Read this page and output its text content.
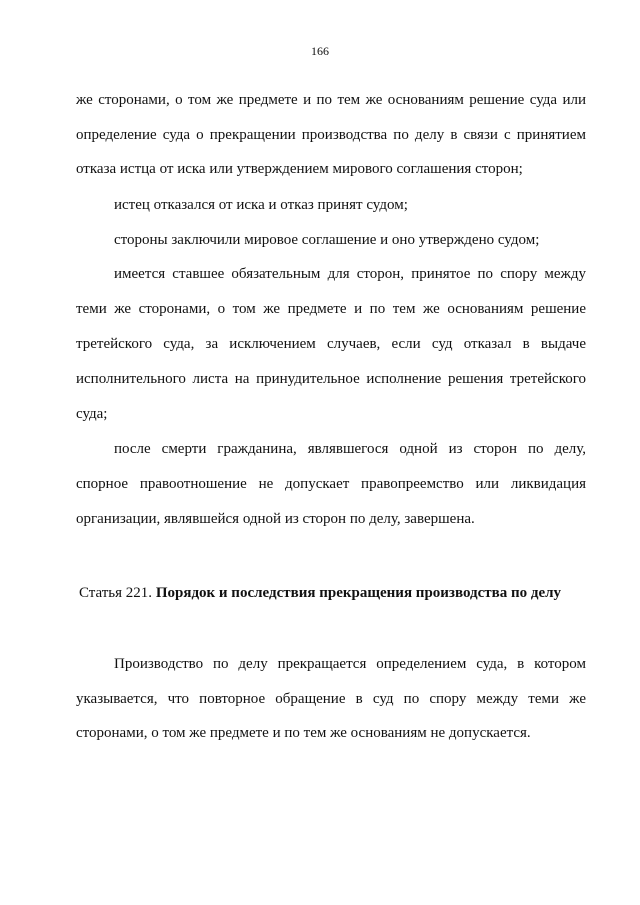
166
же сторонами, о том же предмете и по тем же основаниям решение суда или
определение суда о прекращении производства по делу в связи с принятием
отказа истца от иска или утверждением мирового соглашения сторон;
истец отказался от иска и отказ принят судом;
стороны заключили мировое соглашение и оно утверждено судом;
имеется ставшее обязательным для сторон, принятое по спору между
теми же сторонами, о том же предмете и по тем же основаниям решение
третейского суда, за исключением случаев, если суд отказал в выдаче
исполнительного листа на принудительное исполнение решения третейского
суда;
после смерти гражданина, являвшегося одной из сторон по делу,
спорное правоотношение не допускает правопреемство или ликвидация
организации, являвшейся одной из сторон по делу, завершена.
Статья 221. Порядок и последствия прекращения производства по делу
Производство по делу прекращается определением суда, в котором
указывается, что повторное обращение в суд по спору между теми же
сторонами, о том же предмете и по тем же основаниям не допускается.
